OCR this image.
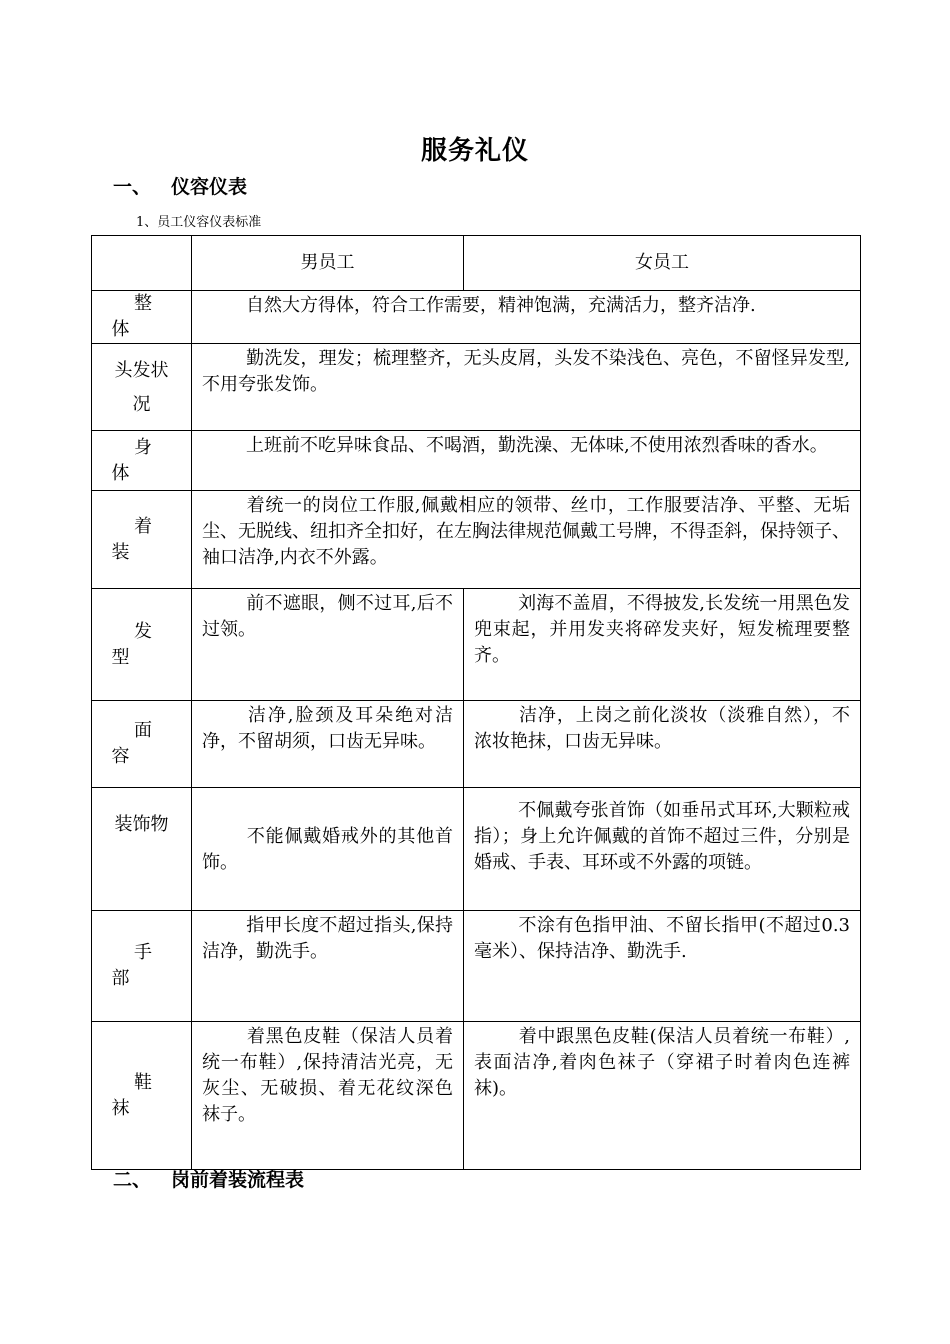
服务礼仪
一、 仪容仪表
1、员工仪容仪表标准
	男员工	女员工
整体	自然大方得体，符合工作需要，精神饱满，充满活力，整齐洁净.	

头发状况	勤洗发，理发；梳理整齐，无头皮屑，头发不染浅色、亮色，不留怪异发型,不用夸张发饰。	

身体	上班前不吃异味食品、不喝酒，勤洗澡、无体味,不使用浓烈香味的香水。	

着装	着统一的岗位工作服,佩戴相应的领带、丝巾，工作服要洁净、平整、无垢尘、无脱线、纽扣齐全扣好，在左胸法律规范佩戴工号牌，不得歪斜，保持领子、袖口洁净,内衣不外露。	

发型	前不遮眼，侧不过耳,后不过领。	刘海不盖眉，不得披发,长发统一用黑色发兜束起，并用发夹将碎发夹好，短发梳理要整齐。

面容	洁净,脸颈及耳朵绝对洁净，不留胡须，口齿无异味。	洁净，上岗之前化淡妆（淡雅自然），不浓妆艳抹，口齿无异味。

装饰物	不能佩戴婚戒外的其他首饰。	不佩戴夸张首饰（如垂吊式耳环,大颗粒戒指）；身上允许佩戴的首饰不超过三件，分别是婚戒、手表、耳环或不外露的项链。

手部	指甲长度不超过指头,保持洁净，勤洗手。	不涂有色指甲油、不留长指甲(不超过0.3毫米）、保持洁净、勤洗手.

鞋袜	着黑色皮鞋（保洁人员着统一布鞋）,保持清洁光亮，无灰尘、无破损、着无花纹深色袜子。	着中跟黑色皮鞋(保洁人员着统一布鞋）,表面洁净,着肉色袜子（穿裙子时着肉色连裤袜)。
二、 岗前着装流程表
